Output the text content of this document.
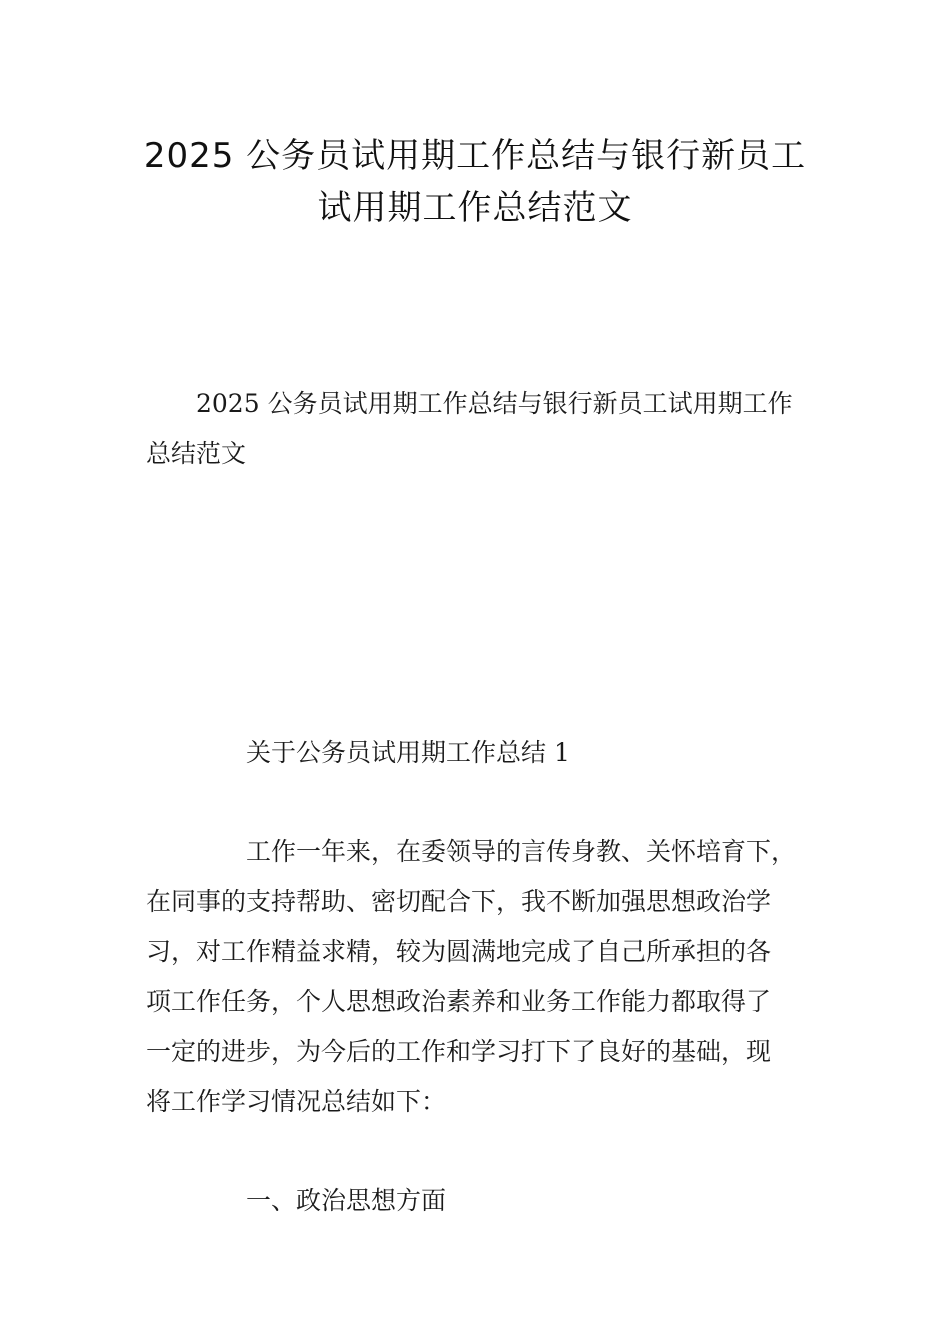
2025 公务员试用期工作总结与银行新员工
试用期工作总结范文

2025 公务员试用期工作总结与银行新员工试用期工作

总结范文

关于公务员试用期工作总结 1

工作一年来，在委领导的言传身教、关怀培育下，

在同事的支持帮助、密切配合下，我不断加强思想政治学

习，对工作精益求精，较为圆满地完成了自己所承担的各

项工作任务，个人思想政治素养和业务工作能力都取得了

一定的进步，为今后的工作和学习打下了良好的基础，现

将工作学习情况总结如下：

一、政治思想方面
